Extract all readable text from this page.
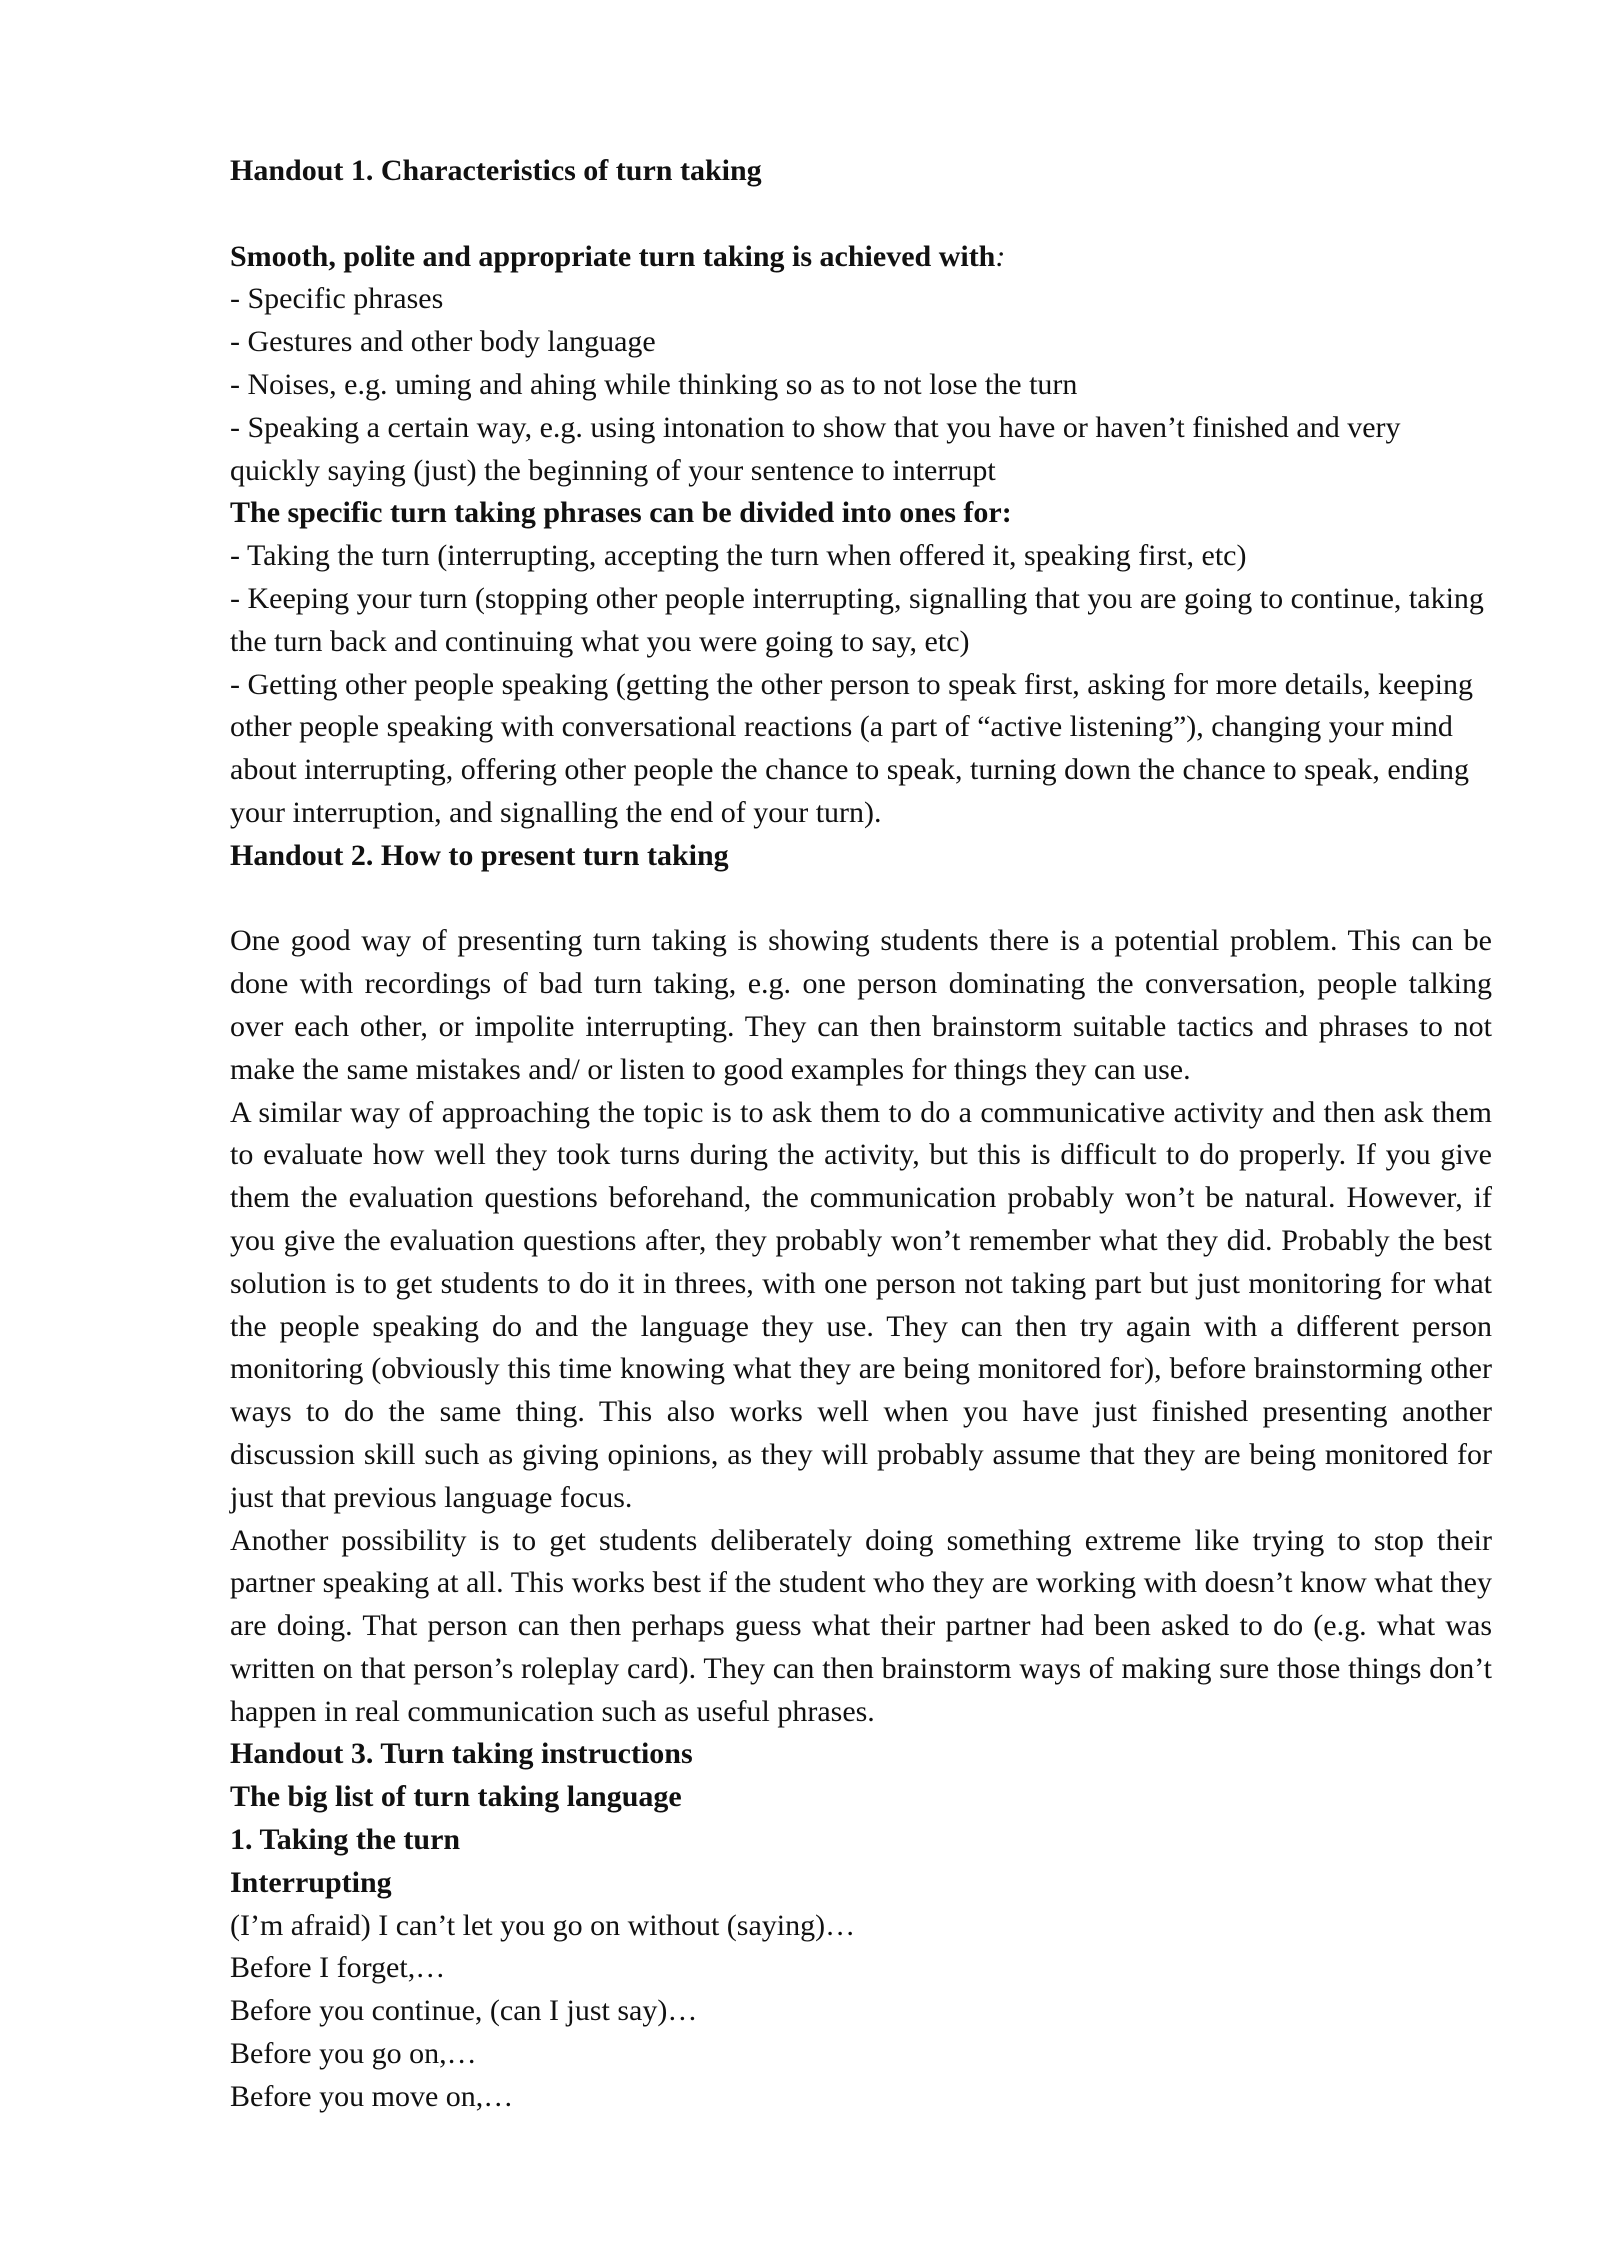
Handout 1. Characteristics of turn taking

Smooth, polite and appropriate turn taking is achieved with:

- Specific phrases

- Gestures and other body language

- Noises, e.g. uming and ahing while thinking so as to not lose the turn

- Speaking a certain way, e.g. using intonation to show that you have or haven’t finished and very quickly saying (just) the beginning of your sentence to interrupt

The specific turn taking phrases can be divided into ones for:

- Taking the turn (interrupting, accepting the turn when offered it, speaking first, etc)

- Keeping your turn (stopping other people interrupting, signalling that you are going to continue, taking the turn back and continuing what you were going to say, etc)

- Getting other people speaking (getting the other person to speak first, asking for more details, keeping other people speaking with conversational reactions (a part of “active listening”), changing your mind about interrupting, offering other people the chance to speak, turning down the chance to speak, ending your interruption, and signalling the end of your turn).

Handout 2. How to present turn taking

One good way of presenting turn taking is showing students there is a potential problem. This can be done with recordings of bad turn taking, e.g. one person dominating the conversation, people talking over each other, or impolite interrupting. They can then brainstorm suitable tactics and phrases to not make the same mistakes and/ or listen to good examples for things they can use.

A similar way of approaching the topic is to ask them to do a communicative activity and then ask them to evaluate how well they took turns during the activity, but this is difficult to do properly. If you give them the evaluation questions beforehand, the communication probably won’t be natural. However, if you give the evaluation questions after, they probably won’t remember what they did. Probably the best solution is to get students to do it in threes, with one person not taking part but just monitoring for what the people speaking do and the language they use. They can then try again with a different person monitoring (obviously this time knowing what they are being monitored for), before brainstorming other ways to do the same thing. This also works well when you have just finished presenting another discussion skill such as giving opinions, as they will probably assume that they are being monitored for just that previous language focus.

Another possibility is to get students deliberately doing something extreme like trying to stop their partner speaking at all. This works best if the student who they are working with doesn’t know what they are doing. That person can then perhaps guess what their partner had been asked to do (e.g. what was written on that person’s roleplay card). They can then brainstorm ways of making sure those things don’t happen in real communication such as useful phrases.

Handout 3. Turn taking instructions

The big list of turn taking language

1. Taking the turn

Interrupting

(I’m afraid) I can’t let you go on without (saying)…

Before I forget,…

Before you continue, (can I just say)…

Before you go on,…

Before you move on,…
